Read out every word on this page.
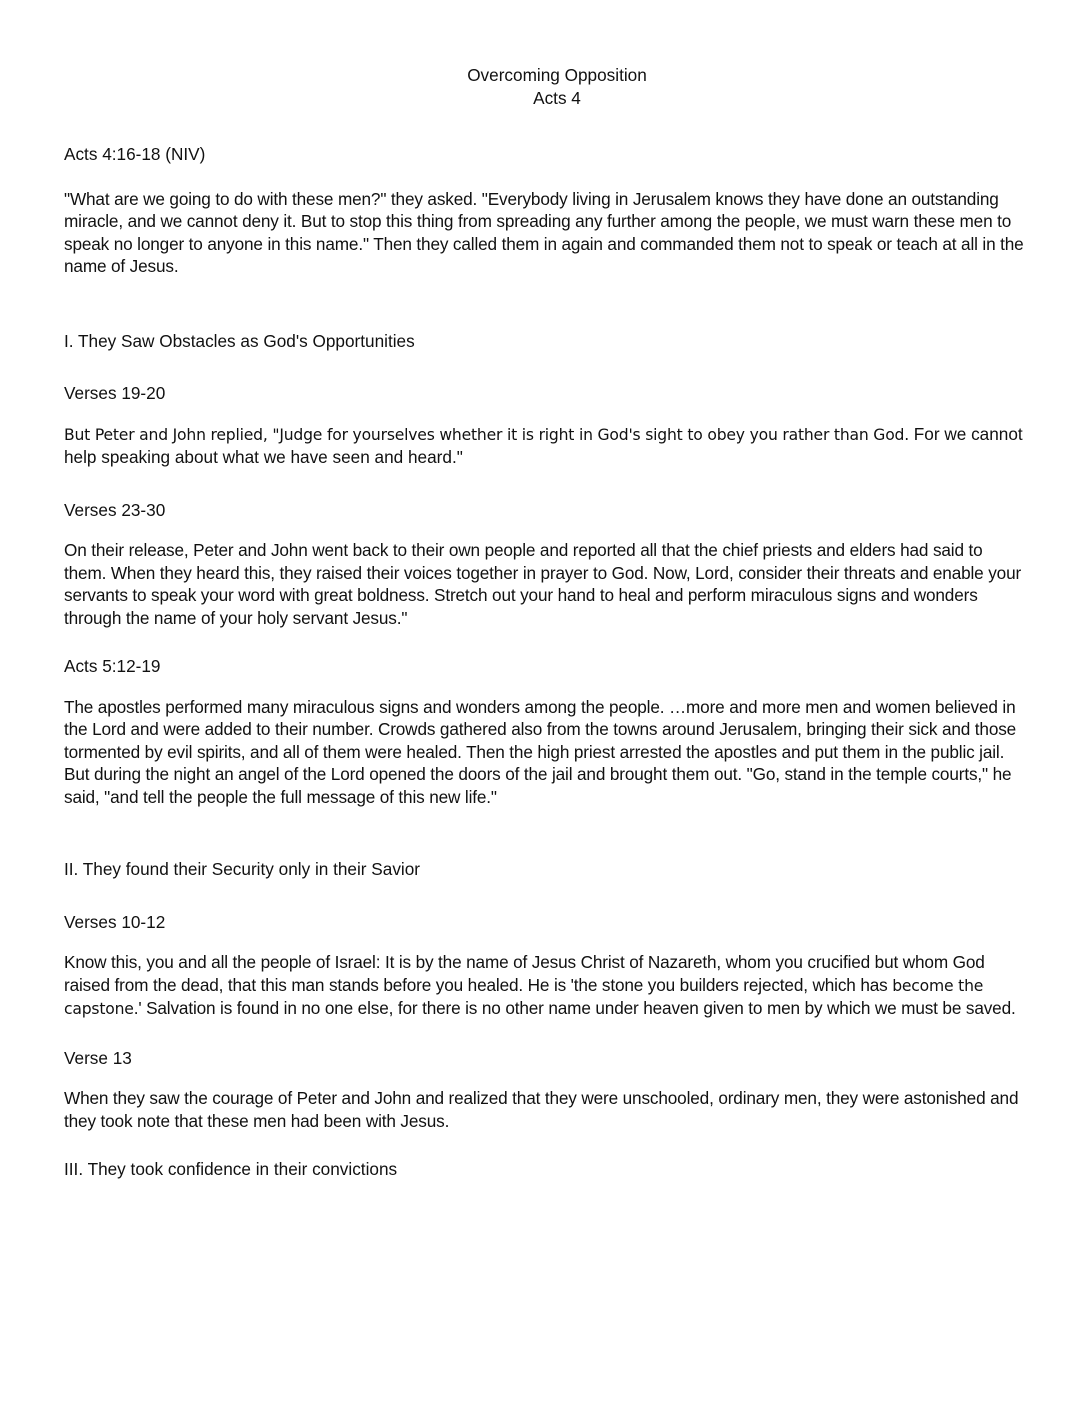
Overcoming Opposition
Acts 4

Acts 4:16-18 (NIV)

"What are we going to do with these men?" they asked. "Everybody living in Jerusalem knows they have done an outstanding miracle, and we cannot deny it. But to stop this thing from spreading any further among the people, we must warn these men to speak no longer to anyone in this name." Then they called them in again and commanded them not to speak or teach at all in the name of Jesus.

I. They Saw Obstacles as God's Opportunities

Verses 19-20

But Peter and John replied, "Judge for yourselves whether it is right in God's sight to obey you rather than God. For we cannot help speaking about what we have seen and heard."

Verses 23-30

On their release, Peter and John went back to their own people and reported all that the chief priests and elders had said to them. When they heard this, they raised their voices together in prayer to God. Now, Lord, consider their threats and enable your servants to speak your word with great boldness. Stretch out your hand to heal and perform miraculous signs and wonders through the name of your holy servant Jesus."

Acts 5:12-19

The apostles performed many miraculous signs and wonders among the people. …more and more men and women believed in the Lord and were added to their number. Crowds gathered also from the towns around Jerusalem, bringing their sick and those tormented by evil spirits, and all of them were healed. Then the high priest arrested the apostles and put them in the public jail. But during the night an angel of the Lord opened the doors of the jail and brought them out. "Go, stand in the temple courts," he said, "and tell the people the full message of this new life."

II. They found their Security only in their Savior

Verses 10-12

Know this, you and all the people of Israel: It is by the name of Jesus Christ of Nazareth, whom you crucified but whom God raised from the dead, that this man stands before you healed. He is 'the stone you builders rejected, which has become the capstone.' Salvation is found in no one else, for there is no other name under heaven given to men by which we must be saved.

Verse 13

When they saw the courage of Peter and John and realized that they were unschooled, ordinary men, they were astonished and they took note that these men had been with Jesus.

III. They took confidence in their convictions
